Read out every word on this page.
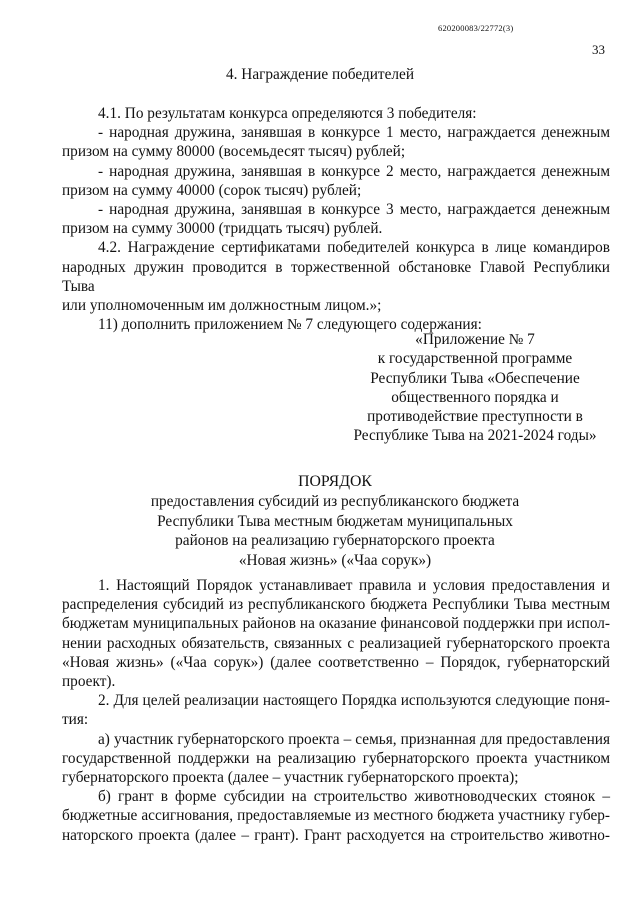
620200083/22772(3)
33
4. Награждение победителей

4.1. По результатам конкурса определяются 3 победителя:

- народная дружина, занявшая в конкурсе 1 место, награждается денежным

призом на сумму 80000 (восемьдесят тысяч) рублей;

- народная дружина, занявшая в конкурсе 2 место, награждается денежным

призом на сумму 40000 (сорок тысяч) рублей;

- народная дружина, занявшая в конкурсе 3 место, награждается денежным

призом на сумму 30000 (тридцать тысяч) рублей.

4.2. Награждение сертификатами победителей конкурса в лице командиров

народных дружин проводится в торжественной обстановке Главой Республики Тыва

или уполномоченным им должностным лицом.»;

11) дополнить приложением № 7 следующего содержания:

«Приложение № 7

к государственной программе

Республики Тыва «Обеспечение

общественного порядка и

противодействие преступности в

Республике Тыва на 2021-2024 годы»

ПОРЯДОК

предоставления субсидий из республиканского бюджета

Республики Тыва местным бюджетам муниципальных

районов на реализацию губернаторского проекта

«Новая жизнь» («Чаа сорук»)

1. Настоящий Порядок устанавливает правила и условия предоставления и

распределения субсидий из республиканского бюджета Республики Тыва местным

бюджетам муниципальных районов на оказание финансовой поддержки при испол-

нении расходных обязательств, связанных с реализацией губернаторского проекта

«Новая жизнь» («Чаа сорук») (далее соответственно – Порядок, губернаторский

проект).

2. Для целей реализации настоящего Порядка используются следующие поня-

тия:

а) участник губернаторского проекта – семья, признанная для предоставления

государственной поддержки на реализацию губернаторского проекта участником

губернаторского проекта (далее – участник губернаторского проекта);

б) грант в форме субсидии на строительство животноводческих стоянок –

бюджетные ассигнования, предоставляемые из местного бюджета участнику губер-

наторского проекта (далее – грант). Грант расходуется на строительство животно-
